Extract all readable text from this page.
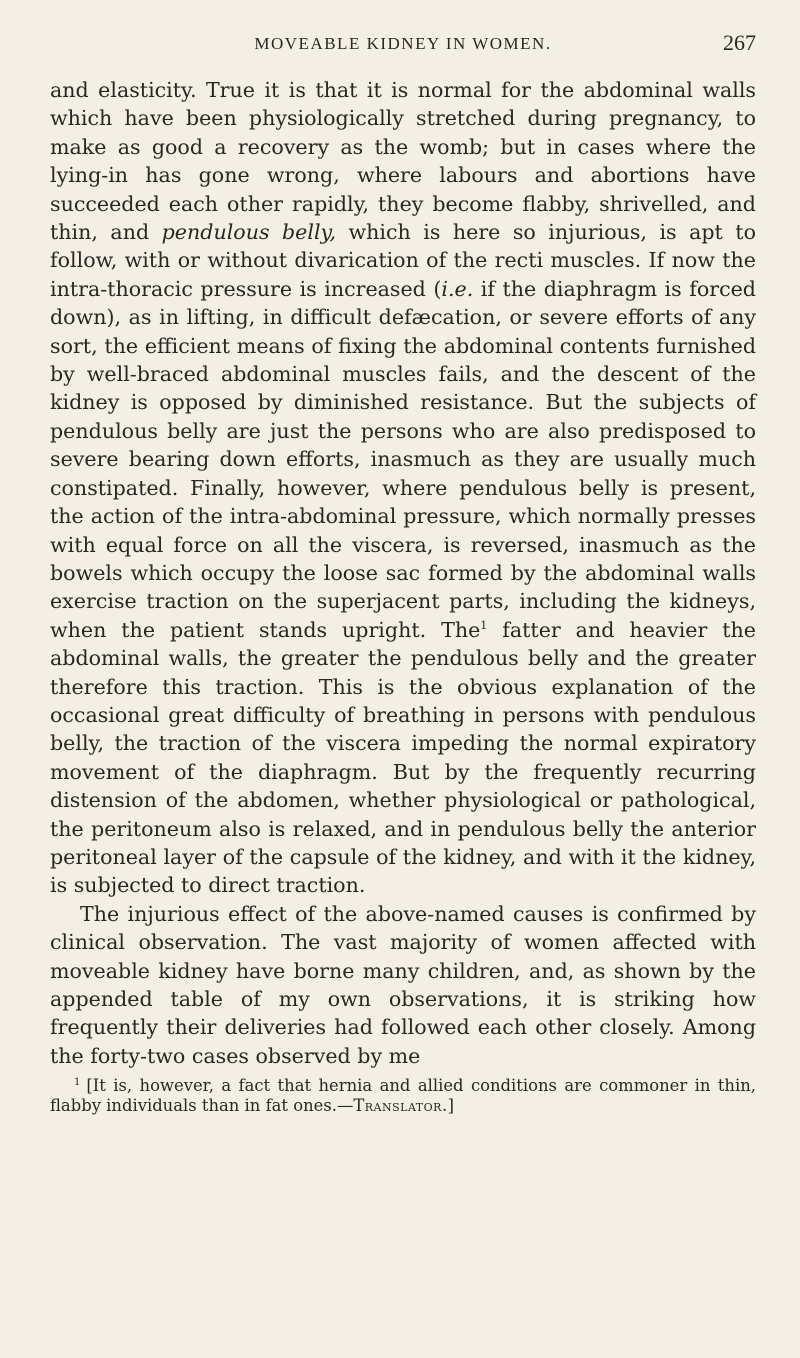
MOVEABLE KIDNEY IN WOMEN.	267

and elasticity. True it is that it is normal for the abdominal walls which have been physiologically stretched during pregnancy, to make as good a recovery as the womb; but in cases where the lying-in has gone wrong, where labours and abortions have succeeded each other rapidly, they become flabby, shrivelled, and thin, and pendulous belly, which is here so injurious, is apt to follow, with or without divarication of the recti muscles. If now the intra-thoracic pressure is increased (i.e. if the diaphragm is forced down), as in lifting, in difficult defæcation, or severe efforts of any sort, the efficient means of fixing the abdominal contents furnished by well-braced abdominal muscles fails, and the descent of the kidney is opposed by diminished resistance. But the subjects of pendulous belly are just the persons who are also predisposed to severe bearing down efforts, inasmuch as they are usually much constipated. Finally, however, where pendulous belly is present, the action of the intra-abdominal pressure, which normally presses with equal force on all the viscera, is reversed, inasmuch as the bowels which occupy the loose sac formed by the abdominal walls exercise traction on the superjacent parts, including the kidneys, when the patient stands upright. The$^1$ fatter and heavier the abdominal walls, the greater the pendulous belly and the greater therefore this traction. This is the obvious explanation of the occasional great difficulty of breathing in persons with pendulous belly, the traction of the viscera impeding the normal expiratory movement of the diaphragm. But by the frequently recurring distension of the abdomen, whether physiological or pathological, the peritoneum also is relaxed, and in pendulous belly the anterior peritoneal layer of the capsule of the kidney, and with it the kidney, is subjected to direct traction.

The injurious effect of the above-named causes is confirmed by clinical observation. The vast majority of women affected with moveable kidney have borne many children, and, as shown by the appended table of my own observations, it is striking how frequently their deliveries had followed each other closely. Among the forty-two cases observed by me

$^1$ [It is, however, a fact that hernia and allied conditions are commoner in thin, flabby individuals than in fat ones.—Translator.]
